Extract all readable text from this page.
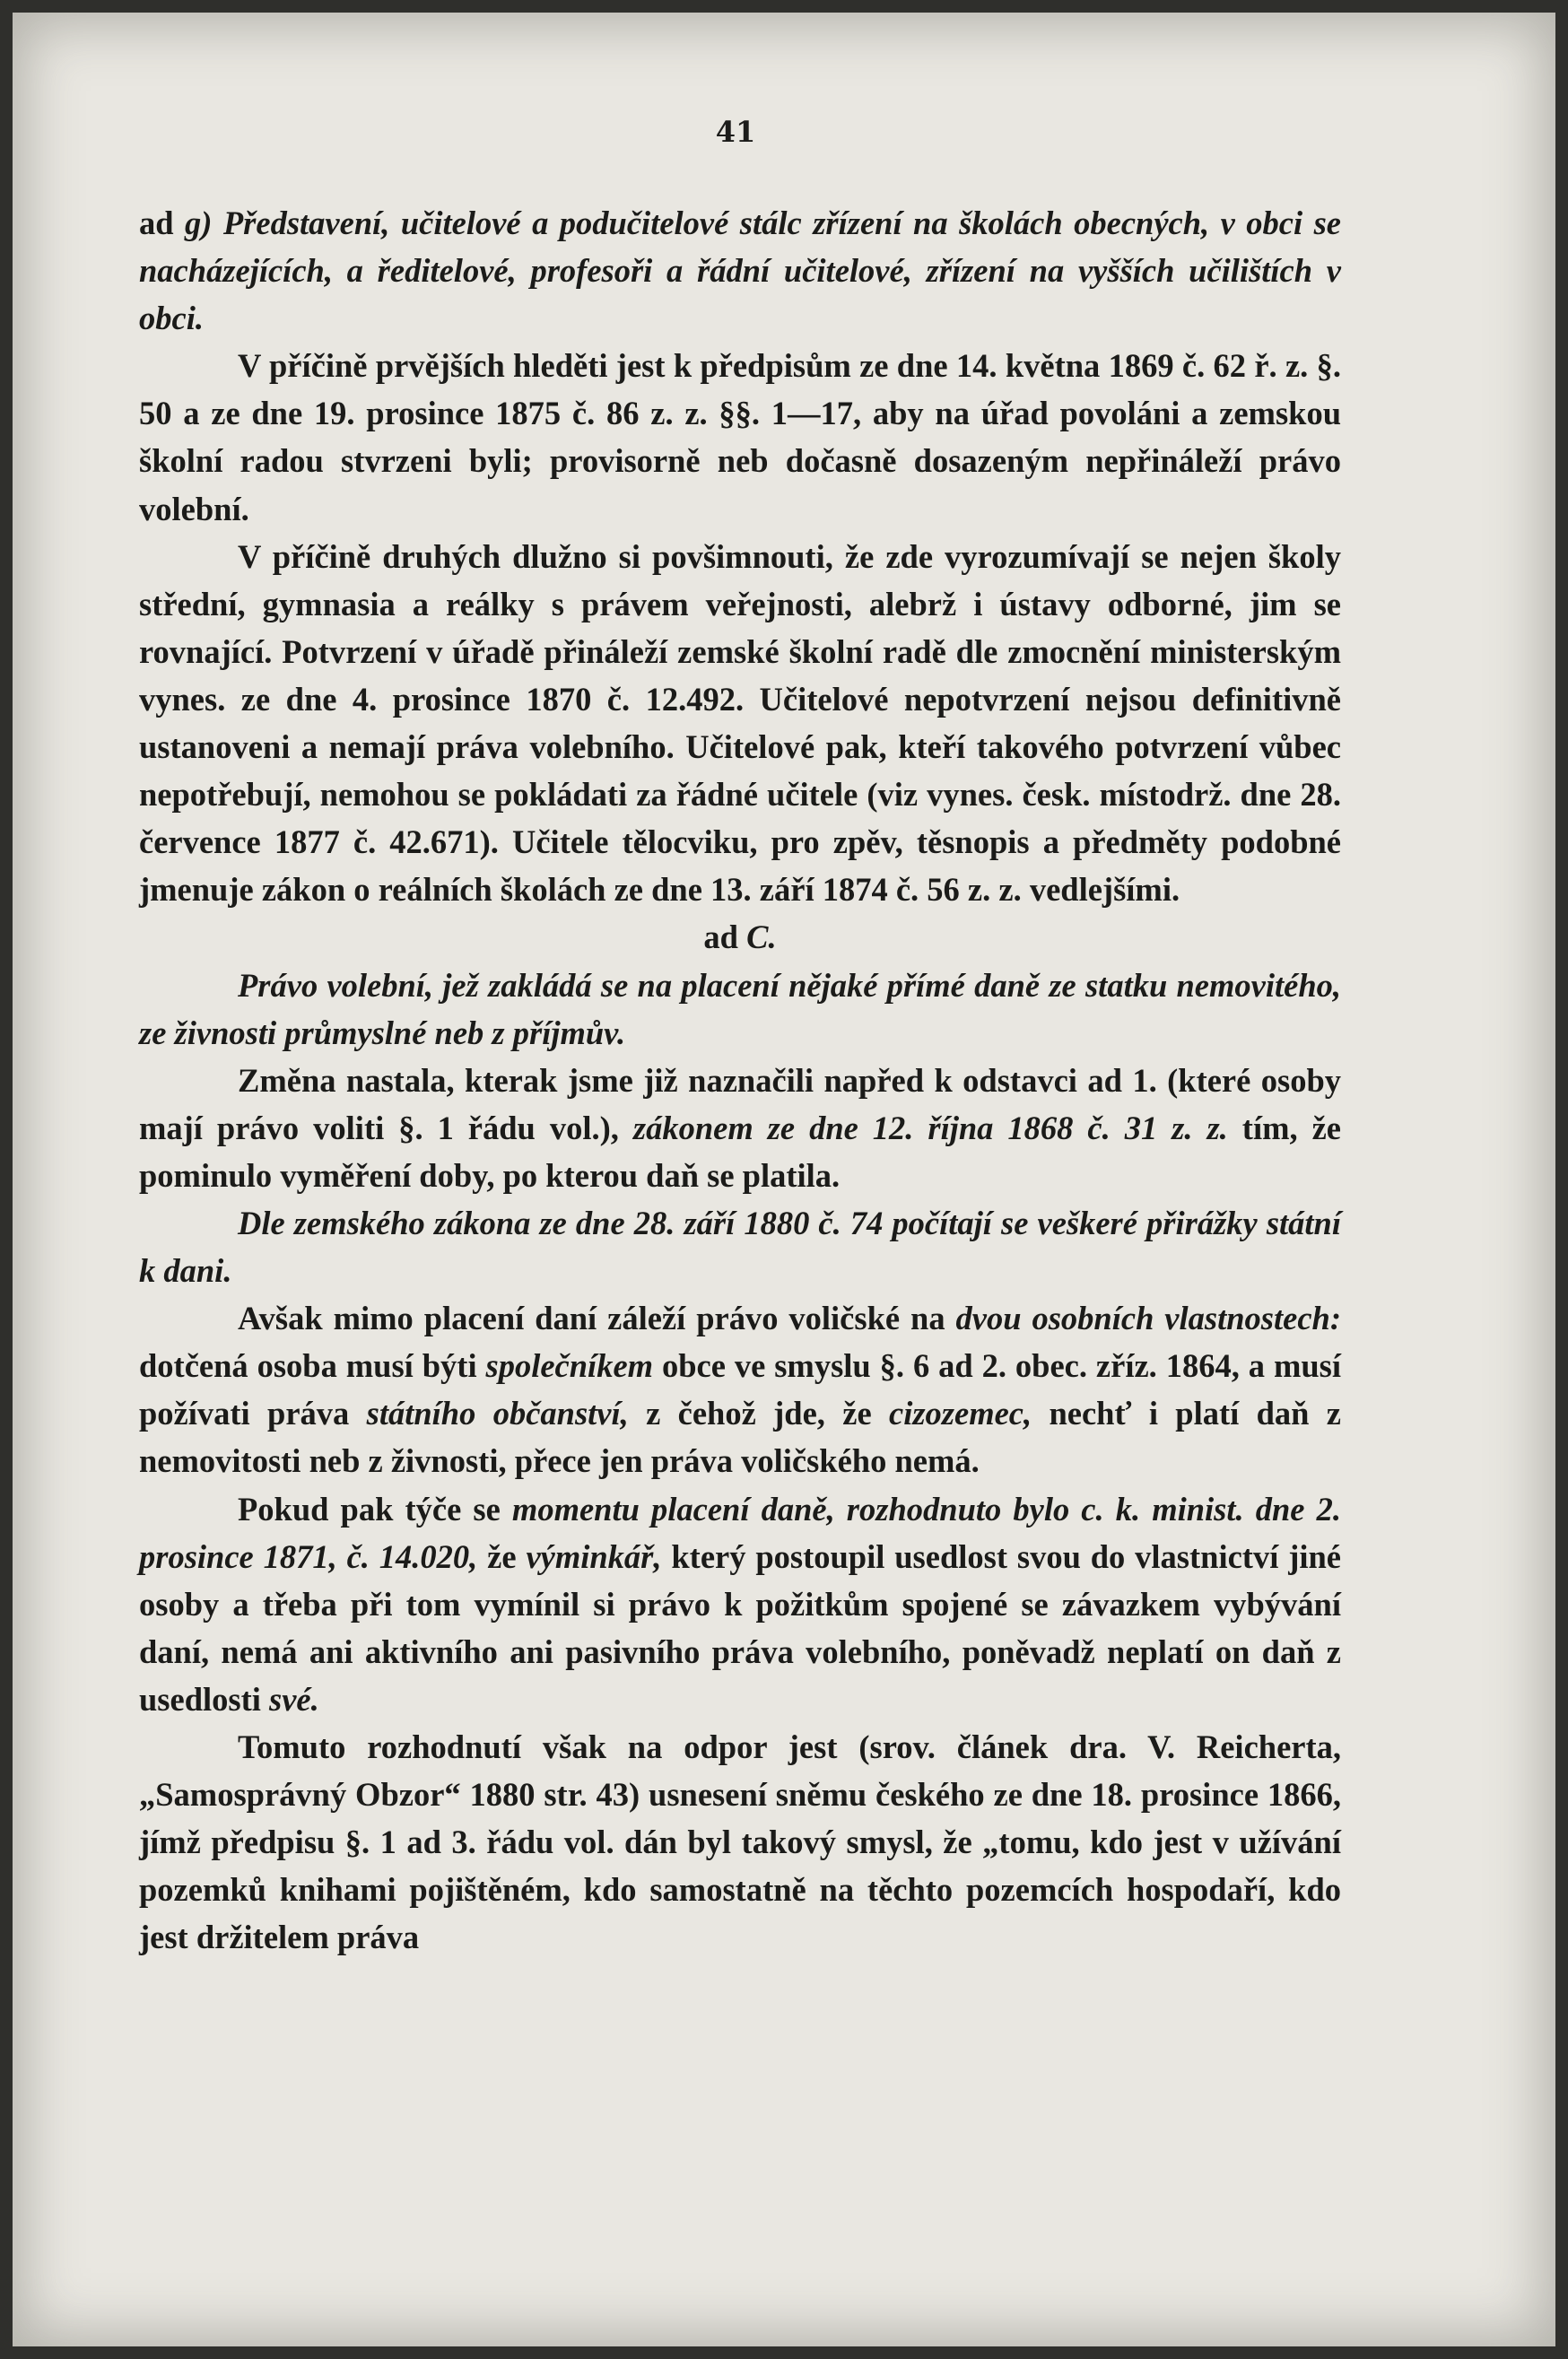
41

ad g) Představení, učitelové a podučitelové stálc zřízení na školách obecných, v obci se nacházejících, a ředitelové, profesoři a řádní učitelové, zřízení na vyšších učilištích v obci.

V příčině prvějších hleděti jest k předpisům ze dne 14. května 1869 č. 62 ř. z. §. 50 a ze dne 19. prosince 1875 č. 86 z. z. §§. 1—17, aby na úřad povoláni a zemskou školní radou stvrzeni byli; provisorně neb dočasně dosazeným nepřináleží právo volební.

V příčině druhých dlužno si povšimnouti, že zde vyrozumívají se nejen školy střední, gymnasia a reálky s právem veřejnosti, alebrž i ústavy odborné, jim se rovnající. Potvrzení v úřadě přináleží zemské školní radě dle zmocnění ministerským vynes. ze dne 4. prosince 1870 č. 12.492. Učitelové nepotvrzení nejsou definitivně ustanoveni a nemají práva volebního. Učitelové pak, kteří takového potvrzení vůbec nepotřebují, nemohou se pokládati za řádné učitele (viz vynes. česk. místodrž. dne 28. července 1877 č. 42.671). Učitele tělocviku, pro zpěv, těsnopis a předměty podobné jmenuje zákon o reálních školách ze dne 13. září 1874 č. 56 z. z. vedlejšími.

ad C.

Právo volební, jež zakládá se na placení nějaké přímé daně ze statku nemovitého, ze živnosti průmyslné neb z příjmův.

Změna nastala, kterak jsme již naznačili napřed k odstavci ad 1. (které osoby mají právo voliti §. 1 řádu vol.), zákonem ze dne 12. října 1868 č. 31 z. z. tím, že pominulo vyměření doby, po kterou daň se platila.

Dle zemského zákona ze dne 28. září 1880 č. 74 počítají se veškeré přirážky státní k dani.

Avšak mimo placení daní záleží právo voličské na dvou osobních vlastnostech: dotčená osoba musí býti společníkem obce ve smyslu §. 6 ad 2. obec. zříz. 1864, a musí požívati práva státního občanství, z čehož jde, že cizozemec, nechť i platí daň z nemovitosti neb z živnosti, přece jen práva voličského nemá.

Pokud pak týče se momentu placení daně, rozhodnuto bylo c. k. minist. dne 2. prosince 1871, č. 14.020, že výminkář, který postoupil usedlost svou do vlastnictví jiné osoby a třeba při tom vymínil si právo k požitkům spojené se závazkem vybývání daní, nemá ani aktivního ani pasivního práva volebního, poněvadž neplatí on daň z usedlosti své.

Tomuto rozhodnutí však na odpor jest (srov. článek dra. V. Reicherta, „Samosprávný Obzor“ 1880 str. 43) usnesení sněmu českého ze dne 18. prosince 1866, jímž předpisu §. 1 ad 3. řádu vol. dán byl takový smysl, že „tomu, kdo jest v užívání pozemků knihami pojištěném, kdo samostatně na těchto pozemcích hospodaří, kdo jest držitelem práva
